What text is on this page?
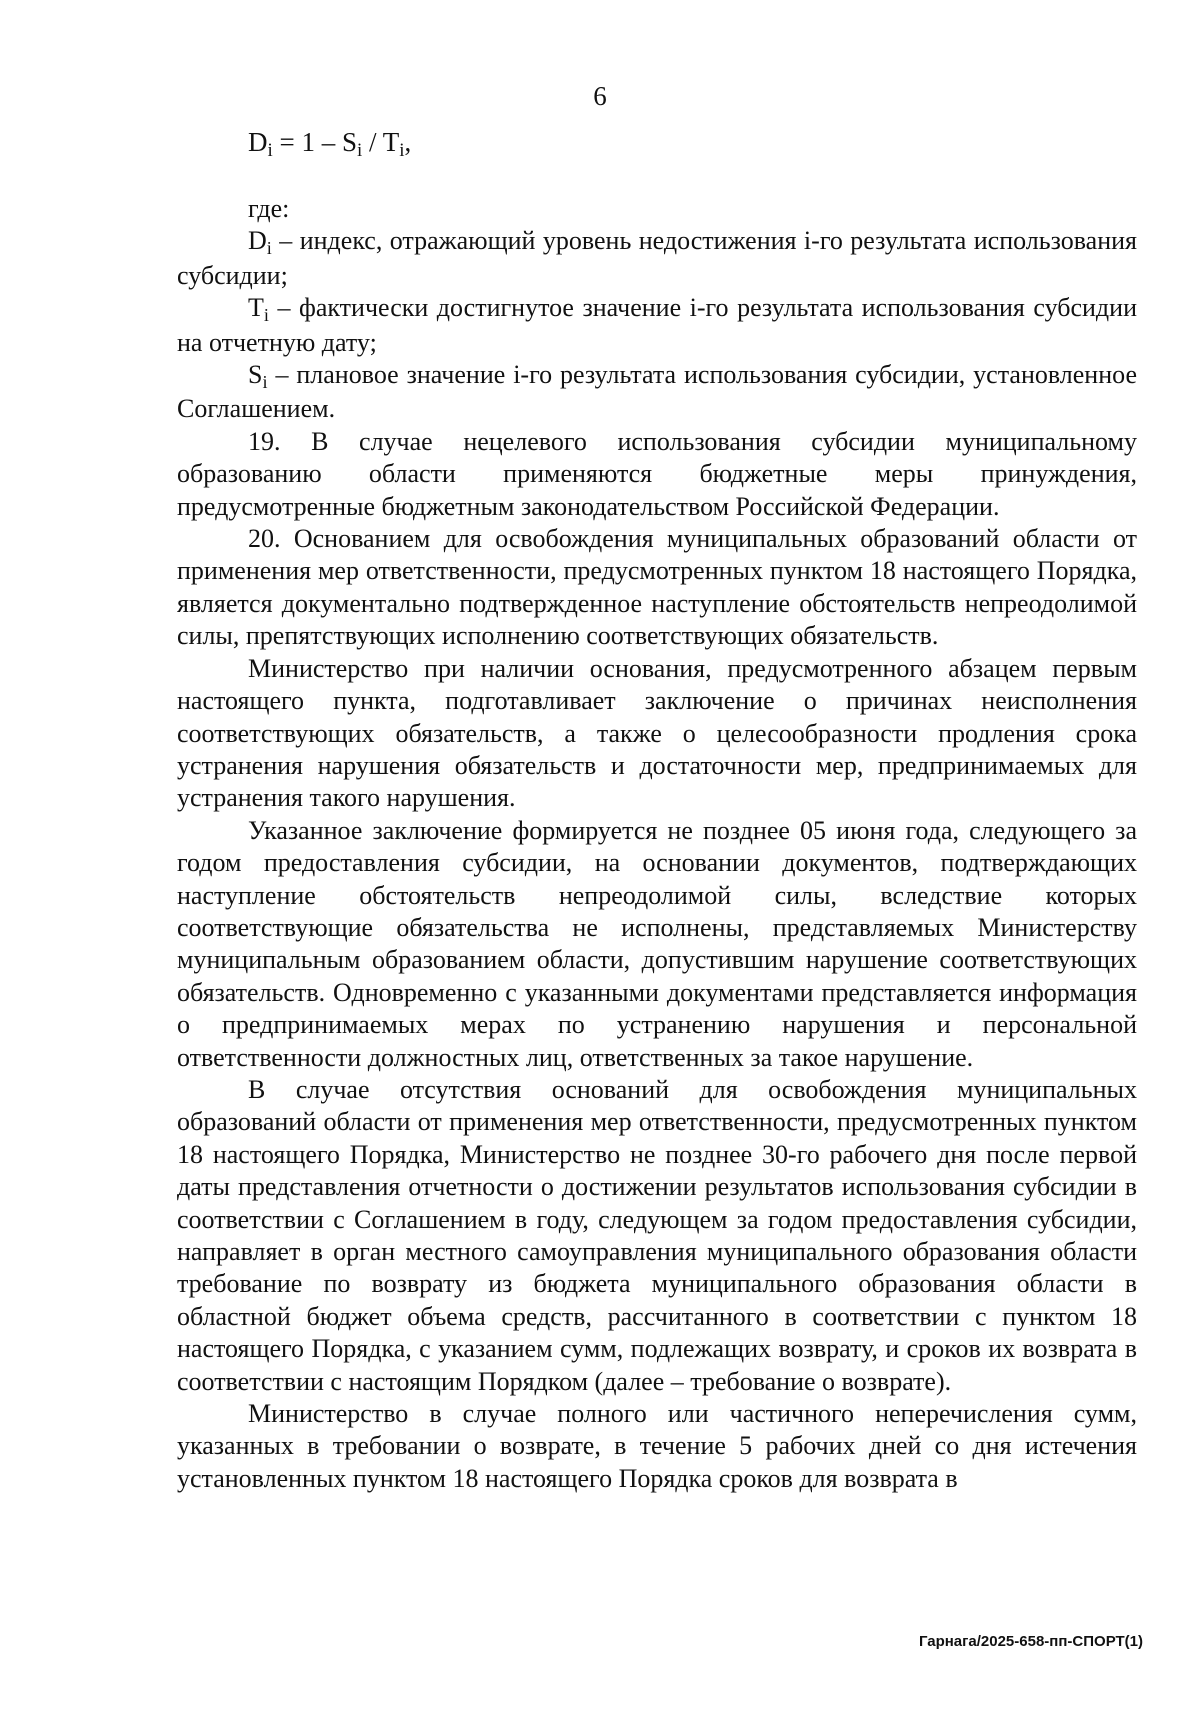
6
$D_i = 1 - S_i / T_i$,

где:

$D_i$ – индекс, отражающий уровень недостижения i-го результата использования субсидии;

$T_i$ – фактически достигнутое значение i-го результата использования субсидии на отчетную дату;

$S_i$ – плановое значение i-го результата использования субсидии, установленное Соглашением.

19. В случае нецелевого использования субсидии муниципальному образованию области применяются бюджетные меры принуждения, предусмотренные бюджетным законодательством Российской Федерации.

20. Основанием для освобождения муниципальных образований области от применения мер ответственности, предусмотренных пунктом 18 настоящего Порядка, является документально подтвержденное наступление обстоятельств непреодолимой силы, препятствующих исполнению соответствующих обязательств.

Министерство при наличии основания, предусмотренного абзацем первым настоящего пункта, подготавливает заключение о причинах неисполнения соответствующих обязательств, а также о целесообразности продления срока устранения нарушения обязательств и достаточности мер, предпринимаемых для устранения такого нарушения.

Указанное заключение формируется не позднее 05 июня года, следующего за годом предоставления субсидии, на основании документов, подтверждающих наступление обстоятельств непреодолимой силы, вследствие которых соответствующие обязательства не исполнены, представляемых Министерству муниципальным образованием области, допустившим нарушение соответствующих обязательств. Одновременно с указанными документами представляется информация о предпринимаемых мерах по устранению нарушения и персональной ответственности должностных лиц, ответственных за такое нарушение.

В случае отсутствия оснований для освобождения муниципальных образований области от применения мер ответственности, предусмотренных пунктом 18 настоящего Порядка, Министерство не позднее 30-го рабочего дня после первой даты представления отчетности о достижении результатов использования субсидии в соответствии с Соглашением в году, следующем за годом предоставления субсидии, направляет в орган местного самоуправления муниципального образования области требование по возврату из бюджета муниципального образования области в областной бюджет объема средств, рассчитанного в соответствии с пунктом 18 настоящего Порядка, с указанием сумм, подлежащих возврату, и сроков их возврата в соответствии с настоящим Порядком (далее – требование о возврате).

Министерство в случае полного или частичного неперечисления сумм, указанных в требовании о возврате, в течение 5 рабочих дней со дня истечения установленных пунктом 18 настоящего Порядка сроков для возврата в

Гарнага/2025-658-пп-СПОРТ(1)
